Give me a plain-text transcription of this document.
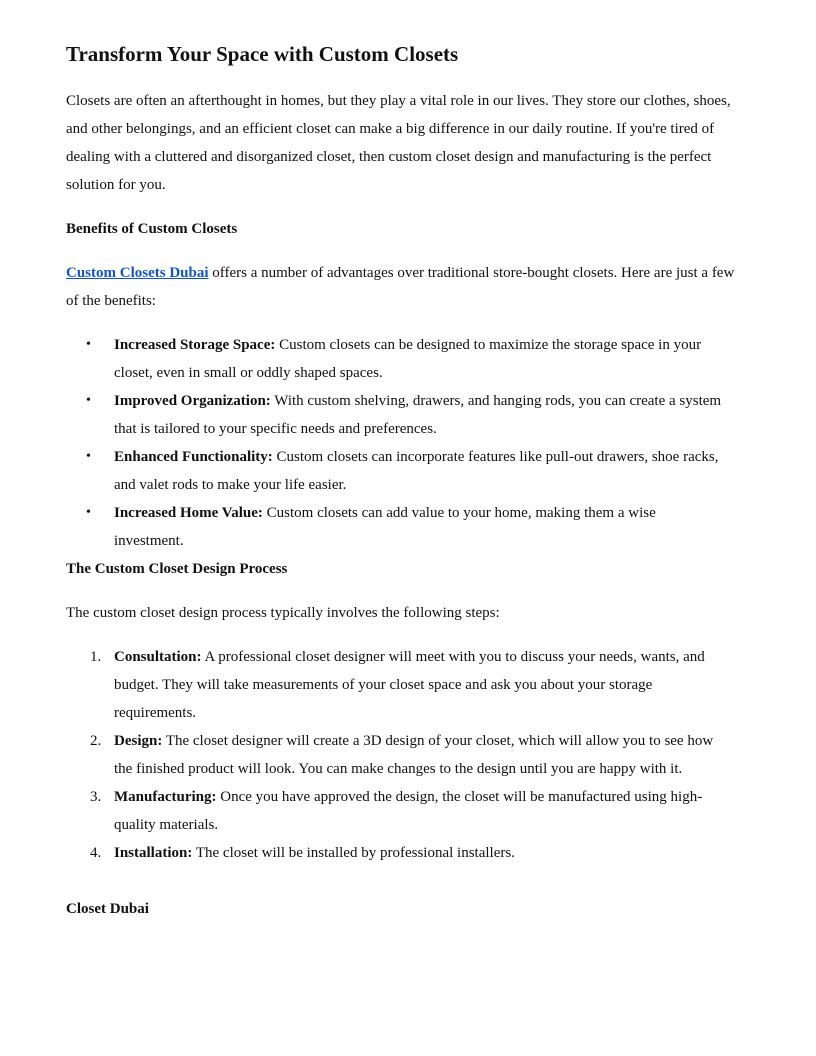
Transform Your Space with Custom Closets

Closets are often an afterthought in homes, but they play a vital role in our lives. They store our clothes, shoes, and other belongings, and an efficient closet can make a big difference in our daily routine. If you're tired of dealing with a cluttered and disorganized closet, then custom closet design and manufacturing is the perfect solution for you.

Benefits of Custom Closets

Custom Closets Dubai offers a number of advantages over traditional store-bought closets. Here are just a few of the benefits:

• Increased Storage Space: Custom closets can be designed to maximize the storage space in your closet, even in small or oddly shaped spaces.
• Improved Organization: With custom shelving, drawers, and hanging rods, you can create a system that is tailored to your specific needs and preferences.
• Enhanced Functionality: Custom closets can incorporate features like pull-out drawers, shoe racks, and valet rods to make your life easier.
• Increased Home Value: Custom closets can add value to your home, making them a wise investment.

The Custom Closet Design Process

The custom closet design process typically involves the following steps:

1. Consultation: A professional closet designer will meet with you to discuss your needs, wants, and budget. They will take measurements of your closet space and ask you about your storage requirements.
2. Design: The closet designer will create a 3D design of your closet, which will allow you to see how the finished product will look. You can make changes to the design until you are happy with it.
3. Manufacturing: Once you have approved the design, the closet will be manufactured using high-quality materials.
4. Installation: The closet will be installed by professional installers.

Closet Dubai
